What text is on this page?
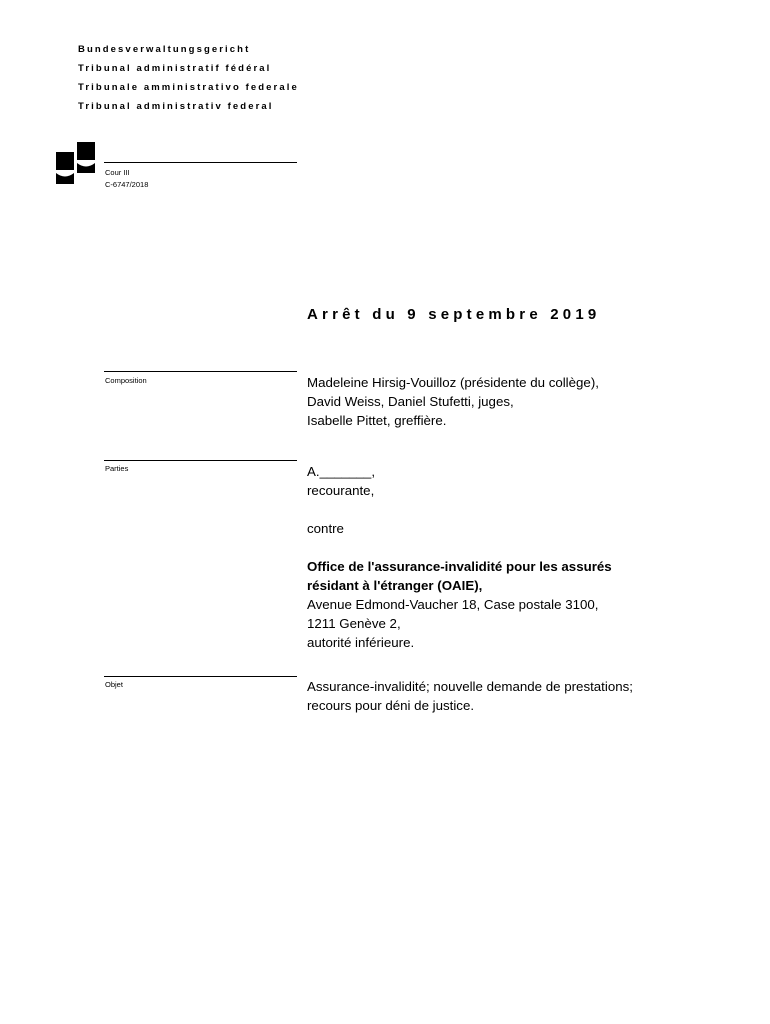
Bundesverwaltungsgericht
Tribunal administratif fédéral
Tribunale amministrativo federale
Tribunal administrativ federal
Cour III
C-6747/2018
Arrêt du 9 septembre 2019
Composition	Madeleine Hirsig-Vouilloz (présidente du collège),
David Weiss, Daniel Stufetti, juges,
Isabelle Pittet, greffière.
Parties	A._______,
recourante,
contre
Office de l'assurance-invalidité pour les assurés
résidant à l'étranger (OAIE),
Avenue Edmond-Vaucher 18, Case postale 3100,
1211 Genève 2,
autorité inférieure.
Objet	Assurance-invalidité; nouvelle demande de prestations;
recours pour déni de justice.
